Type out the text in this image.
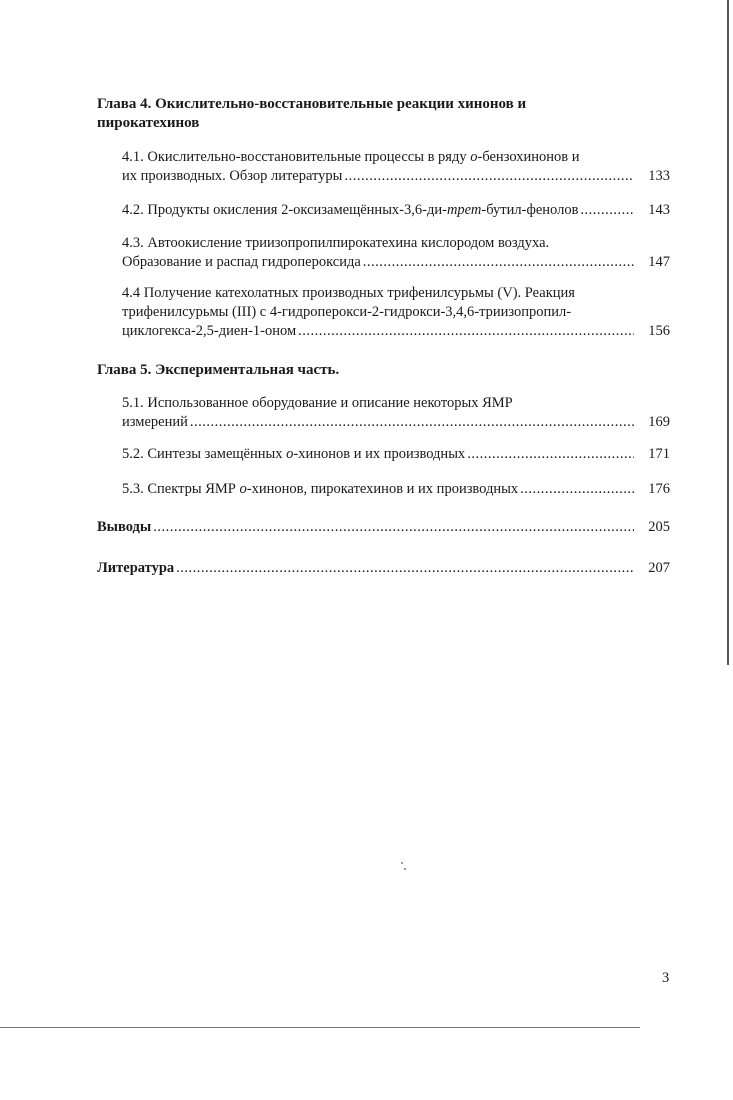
Глава 4. Окислительно-восстановительные реакции хинонов и
пирокатехинов
4.1. Окислительно-восстановительные процессы в ряду о-бензохинонов и
их производных. Обзор литературы .....	133
4.2. Продукты окисления 2-оксизамещённых-3,6-ди-трет-бутил-фенолов .....	143
4.3. Автоокисление триизопропилпирокатехина кислородом воздуха.
Образование и распад гидропероксида .....	147
4.4 Получение катехолатных производных трифенилсурьмы (V). Реакция
трифенилсурьмы (III) с 4-гидроперокси-2-гидрокси-3,4,6-триизопропил-
циклогекса-2,5-диен-1-оном .....	156
Глава 5. Экспериментальная часть.
5.1. Использованное оборудование и описание некоторых ЯМР
измерений .....	169
5.2. Синтезы замещённых о-хинонов и их производных .....	171
5.3. Спектры ЯМР о-хинонов, пирокатехинов и их производных .....	176
Выводы .....	205
Литература .....	207
3
